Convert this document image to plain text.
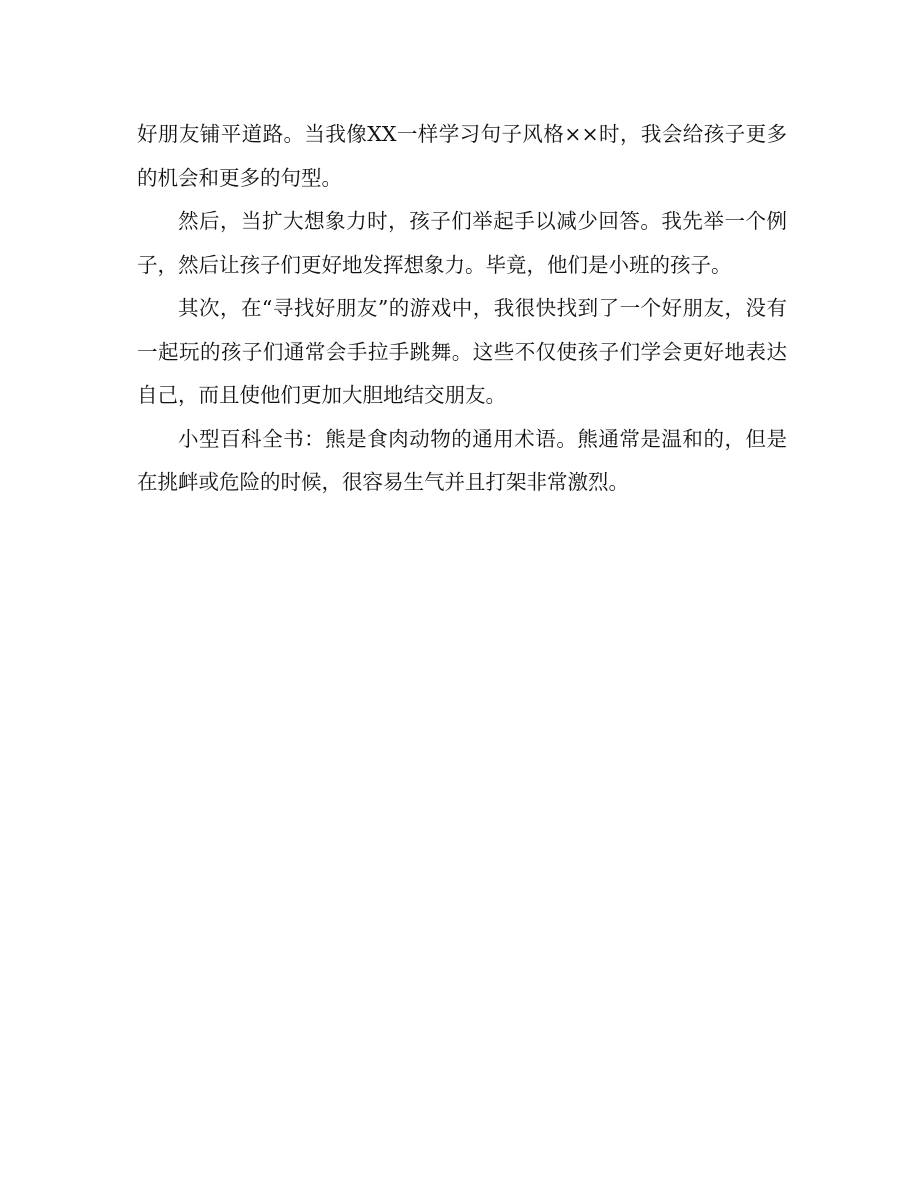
好朋友铺平道路。当我像XX一样学习句子风格××时，我会给孩子更多的机会和更多的句型。

然后，当扩大想象力时，孩子们举起手以减少回答。我先举一个例子，然后让孩子们更好地发挥想象力。毕竟，他们是小班的孩子。

其次，在“寻找好朋友”的游戏中，我很快找到了一个好朋友，没有一起玩的孩子们通常会手拉手跳舞。这些不仅使孩子们学会更好地表达自己，而且使他们更加大胆地结交朋友。

小型百科全书：熊是食肉动物的通用术语。熊通常是温和的，但是在挑衅或危险的时候，很容易生气并且打架非常激烈。
